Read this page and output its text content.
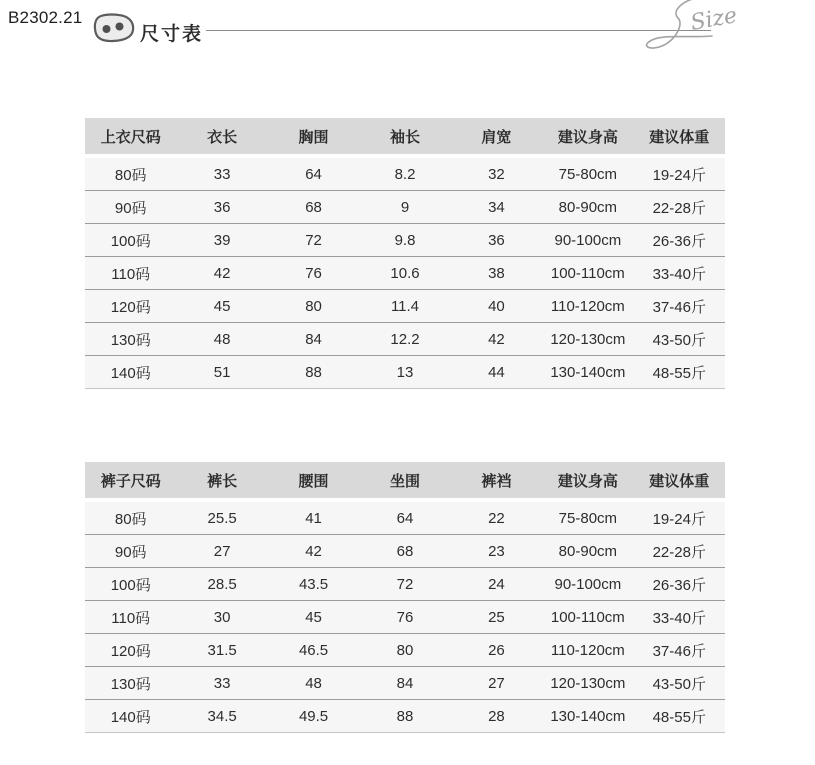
B2302.21
尺寸表	Size
上衣尺码	衣长	胸围	袖长	肩宽	建议身高	建议体重
80码	33	64	8.2	32	75-80cm	19-24斤
90码	36	68	9	34	80-90cm	22-28斤
100码	39	72	9.8	36	90-100cm	26-36斤
110码	42	76	10.6	38	100-110cm	33-40斤
120码	45	80	11.4	40	110-120cm	37-46斤
130码	48	84	12.2	42	120-130cm	43-50斤
140码	51	88	13	44	130-140cm	48-55斤
裤子尺码	裤长	腰围	坐围	裤裆	建议身高	建议体重
80码	25.5	41	64	22	75-80cm	19-24斤
90码	27	42	68	23	80-90cm	22-28斤
100码	28.5	43.5	72	24	90-100cm	26-36斤
110码	30	45	76	25	100-110cm	33-40斤
120码	31.5	46.5	80	26	110-120cm	37-46斤
130码	33	48	84	27	120-130cm	43-50斤
140码	34.5	49.5	88	28	130-140cm	48-55斤
